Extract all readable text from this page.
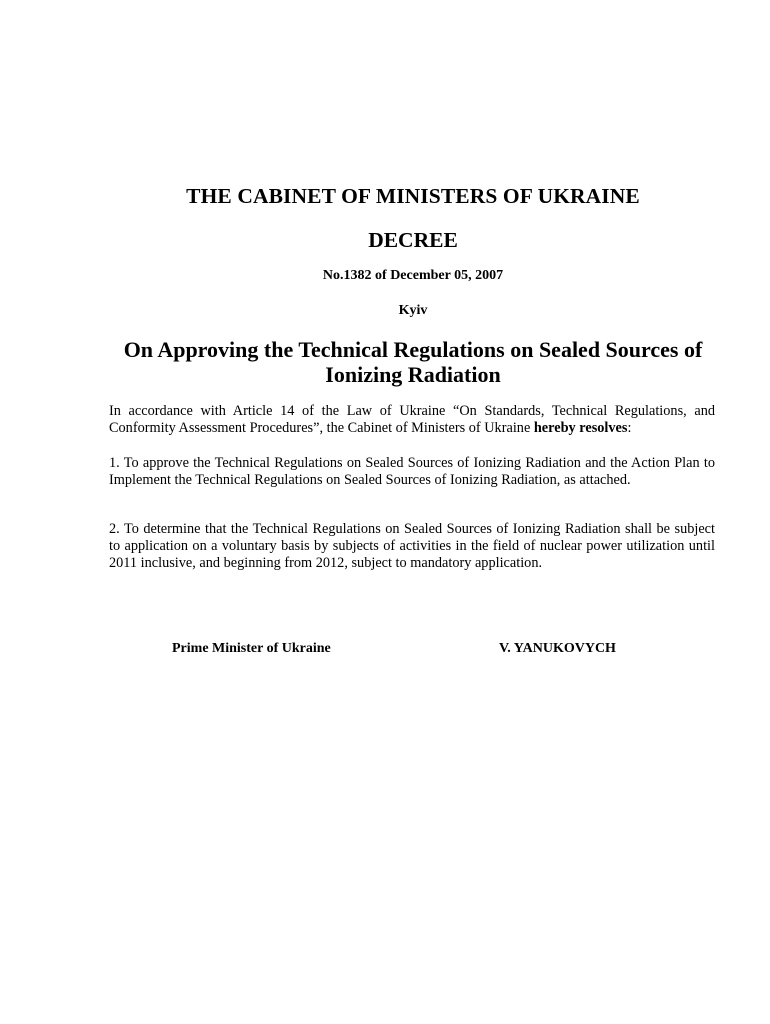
THE CABINET OF MINISTERS OF UKRAINE
DECREE
No.1382 of December 05, 2007
Kyiv
On Approving the Technical Regulations on Sealed Sources of Ionizing Radiation

In accordance with Article 14 of the Law of Ukraine “On Standards, Technical Regulations, and Conformity Assessment Procedures”, the Cabinet of Ministers of Ukraine hereby resolves:

1. To approve the Technical Regulations on Sealed Sources of Ionizing Radiation and the Action Plan to Implement the Technical Regulations on Sealed Sources of Ionizing Radiation, as attached.

2. To determine that the Technical Regulations on Sealed Sources of Ionizing Radiation shall be subject to application on a voluntary basis by subjects of activities in the field of nuclear power utilization until 2011 inclusive, and beginning from 2012, subject to mandatory application.

Prime Minister of Ukraine	V. YANUKOVYCH
